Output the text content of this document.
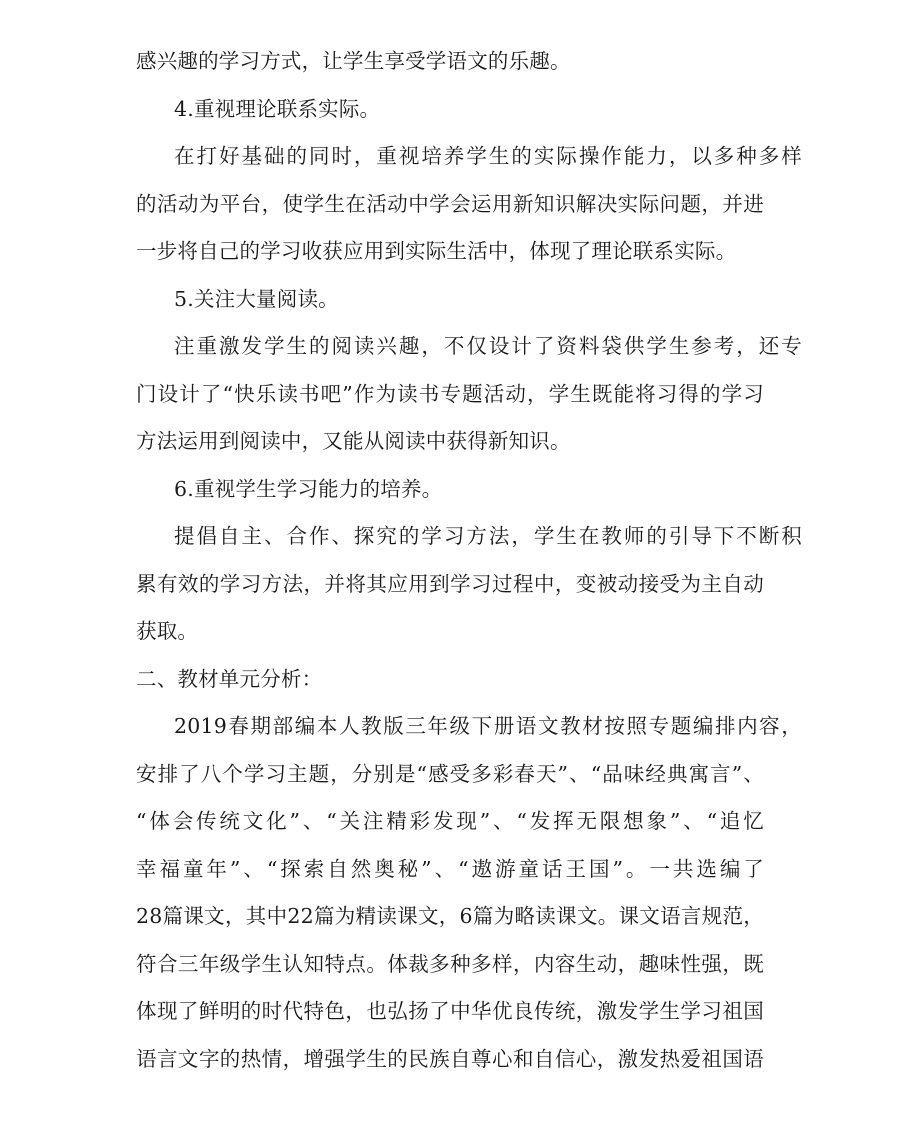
感兴趣的学习方式，让学生享受学语文的乐趣。
4.重视理论联系实际。
在打好基础的同时，重视培养学生的实际操作能力，以多种多样
的活动为平台，使学生在活动中学会运用新知识解决实际问题，并进
一步将自己的学习收获应用到实际生活中，体现了理论联系实际。
5.关注大量阅读。
注重激发学生的阅读兴趣，不仅设计了资料袋供学生参考，还专
门设计了“快乐读书吧”作为读书专题活动，学生既能将习得的学习
方法运用到阅读中，又能从阅读中获得新知识。
6.重视学生学习能力的培养。
提倡自主、合作、探究的学习方法，学生在教师的引导下不断积
累有效的学习方法，并将其应用到学习过程中，变被动接受为主自动
获取。
二、教材单元分析：
2019春期部编本人教版三年级下册语文教材按照专题编排内容，
安排了八个学习主题，分别是“感受多彩春天”、“品味经典寓言”、
“体会传统文化”、“关注精彩发现”、“发挥无限想象”、“追忆
幸福童年”、“探索自然奥秘”、“遨游童话王国”。一共选编了
28篇课文，其中22篇为精读课文，6篇为略读课文。课文语言规范，
符合三年级学生认知特点。体裁多种多样，内容生动，趣味性强，既
体现了鲜明的时代特色，也弘扬了中华优良传统，激发学生学习祖国
语言文字的热情，增强学生的民族自尊心和自信心，激发热爱祖国语
